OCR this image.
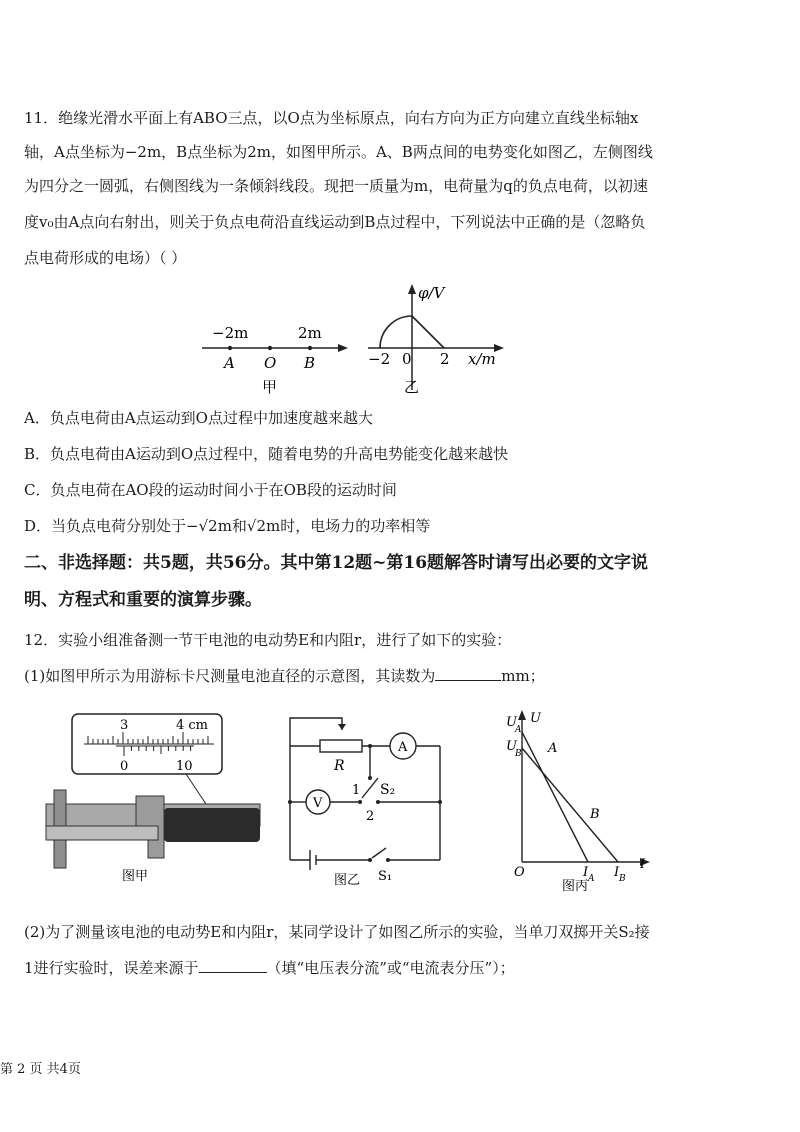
11．绝缘光滑水平面上有ABO三点，以O点为坐标原点，向右方向为正方向建立直线坐标轴x
轴，A点坐标为−2m，B点坐标为2m，如图甲所示。A、B两点间的电势变化如图乙，左侧图线
为四分之一圆弧，右侧图线为一条倾斜线段。现把一质量为m，电荷量为q的负点电荷，以初速
度v₀由A点向右射出，则关于负点电荷沿直线运动到B点过程中，下列说法中正确的是（忽略负
点电荷形成的电场）（ ）
−2m	2m
A O B
甲
φ/V
x/m
−2 0 2
乙
A．负点电荷由A点运动到O点过程中加速度越来越大
B．负点电荷由A运动到O点过程中，随着电势的升高电势能变化越来越快
C．负点电荷在AO段的运动时间小于在OB段的运动时间
D．当负点电荷分别处于−√2m和√2m时，电场力的功率相等
二、非选择题：共5题，共56分。其中第12题~第16题解答时请写出必要的文字说
明、方程式和重要的演算步骤。
12．实验小组准备测一节干电池的电动势E和内阻r，进行了如下的实验：
(1)如图甲所示为用游标卡尺测量电池直径的示意图，其读数为	mm；
3	4 cm
0	10
图甲
A
V
R
1
2
S₂
S₁
图乙
U
A
U
U
B A
B
O	I A I B
I
图丙
(2)为了测量该电池的电动势E和内阻r，某同学设计了如图乙所示的实验，当单刀双掷开关S₂接
1进行实验时，误差来源于	（填“电压表分流”或“电流表分压”）；
第 2 页 共4页
